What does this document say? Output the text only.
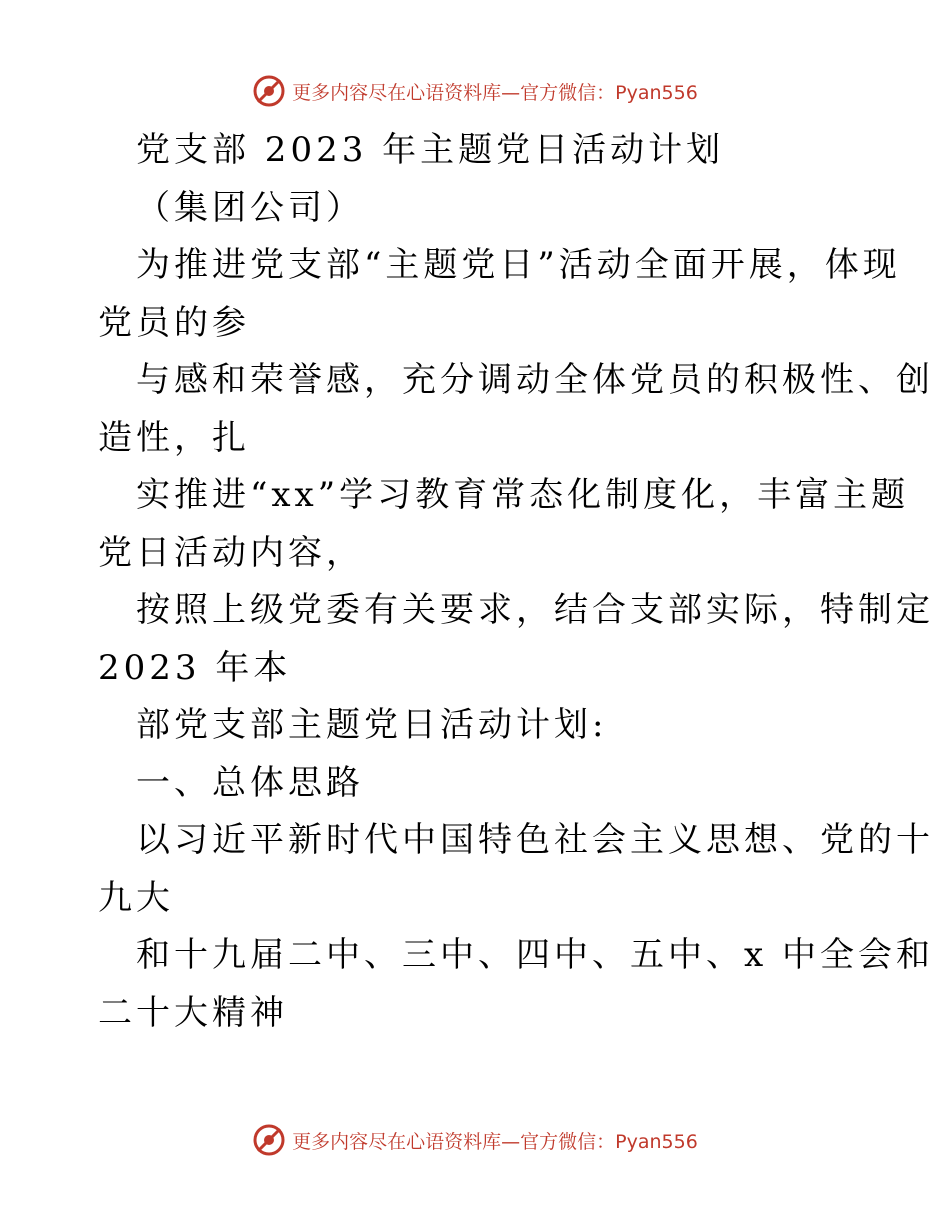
更多内容尽在心语资料库—官方微信：Pyan556
党支部 2023 年主题党日活动计划
（集团公司）
为推进党支部“主题党日”活动全面开展，体现
党员的参
与感和荣誉感，充分调动全体党员的积极性、创
造性，扎
实推进“xx”学习教育常态化制度化，丰富主题
党日活动内容，
按照上级党委有关要求，结合支部实际，特制定
2023 年本
部党支部主题党日活动计划:
一、总体思路
以习近平新时代中国特色社会主义思想、党的十
九大
和十九届二中、三中、四中、五中、x 中全会和
二十大精神
更多内容尽在心语资料库—官方微信：Pyan556
